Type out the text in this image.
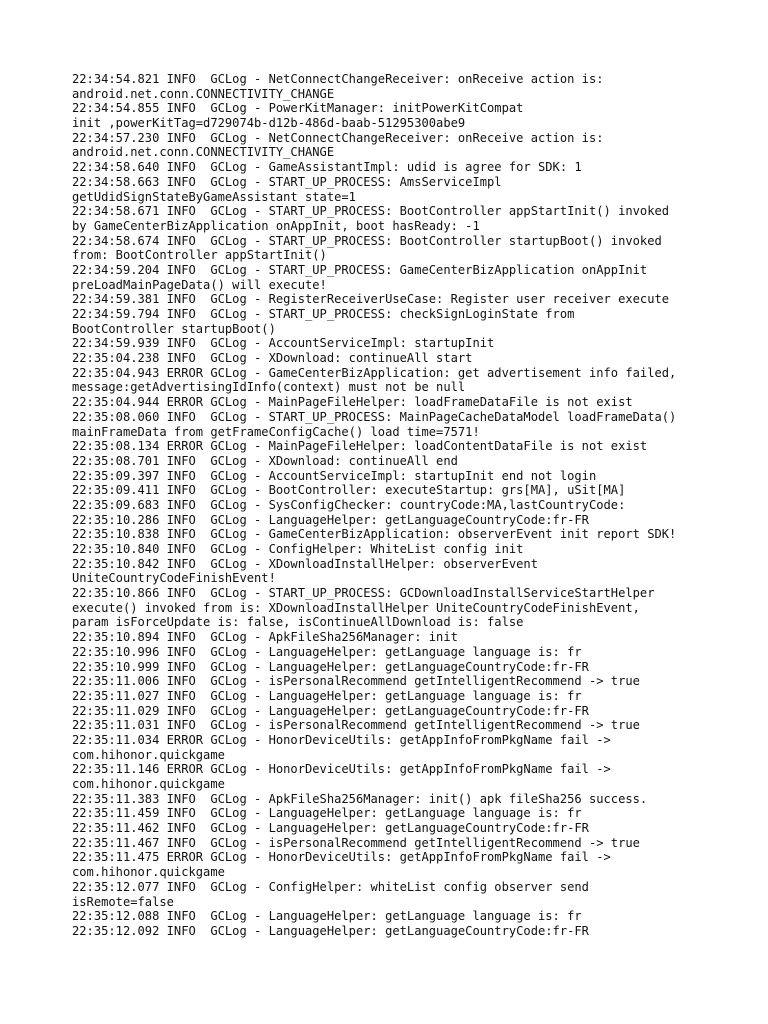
22:34:54.821 INFO  GCLog - NetConnectChangeReceiver: onReceive action is:
android.net.conn.CONNECTIVITY_CHANGE
22:34:54.855 INFO  GCLog - PowerKitManager: initPowerKitCompat
init ,powerKitTag=d729074b-d12b-486d-baab-51295300abe9
22:34:57.230 INFO  GCLog - NetConnectChangeReceiver: onReceive action is:
android.net.conn.CONNECTIVITY_CHANGE
22:34:58.640 INFO  GCLog - GameAssistantImpl: udid is agree for SDK: 1
22:34:58.663 INFO  GCLog - START_UP_PROCESS: AmsServiceImpl
getUdidSignStateByGameAssistant state=1
22:34:58.671 INFO  GCLog - START_UP_PROCESS: BootController appStartInit() invoked
by GameCenterBizApplication onAppInit, boot hasReady: -1
22:34:58.674 INFO  GCLog - START_UP_PROCESS: BootController startupBoot() invoked
from: BootController appStartInit()
22:34:59.204 INFO  GCLog - START_UP_PROCESS: GameCenterBizApplication onAppInit
preLoadMainPageData() will execute!
22:34:59.381 INFO  GCLog - RegisterReceiverUseCase: Register user receiver execute
22:34:59.794 INFO  GCLog - START_UP_PROCESS: checkSignLoginState from
BootController startupBoot()
22:34:59.939 INFO  GCLog - AccountServiceImpl: startupInit
22:35:04.238 INFO  GCLog - XDownload: continueAll start
22:35:04.943 ERROR GCLog - GameCenterBizApplication: get advertisement info failed,
message:getAdvertisingIdInfo(context) must not be null
22:35:04.944 ERROR GCLog - MainPageFileHelper: loadFrameDataFile is not exist
22:35:08.060 INFO  GCLog - START_UP_PROCESS: MainPageCacheDataModel loadFrameData()
mainFrameData from getFrameConfigCache() load time=7571!
22:35:08.134 ERROR GCLog - MainPageFileHelper: loadContentDataFile is not exist
22:35:08.701 INFO  GCLog - XDownload: continueAll end
22:35:09.397 INFO  GCLog - AccountServiceImpl: startupInit end not login
22:35:09.411 INFO  GCLog - BootController: executeStartup: grs[MA], uSit[MA]
22:35:09.683 INFO  GCLog - SysConfigChecker: countryCode:MA,lastCountryCode:
22:35:10.286 INFO  GCLog - LanguageHelper: getLanguageCountryCode:fr-FR
22:35:10.838 INFO  GCLog - GameCenterBizApplication: observerEvent init report SDK!
22:35:10.840 INFO  GCLog - ConfigHelper: WhiteList config init
22:35:10.842 INFO  GCLog - XDownloadInstallHelper: observerEvent
UniteCountryCodeFinishEvent!
22:35:10.866 INFO  GCLog - START_UP_PROCESS: GCDownloadInstallServiceStartHelper
execute() invoked from is: XDownloadInstallHelper UniteCountryCodeFinishEvent,
param isForceUpdate is: false, isContinueAllDownload is: false
22:35:10.894 INFO  GCLog - ApkFileSha256Manager: init
22:35:10.996 INFO  GCLog - LanguageHelper: getLanguage language is: fr
22:35:10.999 INFO  GCLog - LanguageHelper: getLanguageCountryCode:fr-FR
22:35:11.006 INFO  GCLog - isPersonalRecommend getIntelligentRecommend -> true
22:35:11.027 INFO  GCLog - LanguageHelper: getLanguage language is: fr
22:35:11.029 INFO  GCLog - LanguageHelper: getLanguageCountryCode:fr-FR
22:35:11.031 INFO  GCLog - isPersonalRecommend getIntelligentRecommend -> true
22:35:11.034 ERROR GCLog - HonorDeviceUtils: getAppInfoFromPkgName fail ->
com.hihonor.quickgame
22:35:11.146 ERROR GCLog - HonorDeviceUtils: getAppInfoFromPkgName fail ->
com.hihonor.quickgame
22:35:11.383 INFO  GCLog - ApkFileSha256Manager: init() apk fileSha256 success.
22:35:11.459 INFO  GCLog - LanguageHelper: getLanguage language is: fr
22:35:11.462 INFO  GCLog - LanguageHelper: getLanguageCountryCode:fr-FR
22:35:11.467 INFO  GCLog - isPersonalRecommend getIntelligentRecommend -> true
22:35:11.475 ERROR GCLog - HonorDeviceUtils: getAppInfoFromPkgName fail ->
com.hihonor.quickgame
22:35:12.077 INFO  GCLog - ConfigHelper: whiteList config observer send
isRemote=false
22:35:12.088 INFO  GCLog - LanguageHelper: getLanguage language is: fr
22:35:12.092 INFO  GCLog - LanguageHelper: getLanguageCountryCode:fr-FR
